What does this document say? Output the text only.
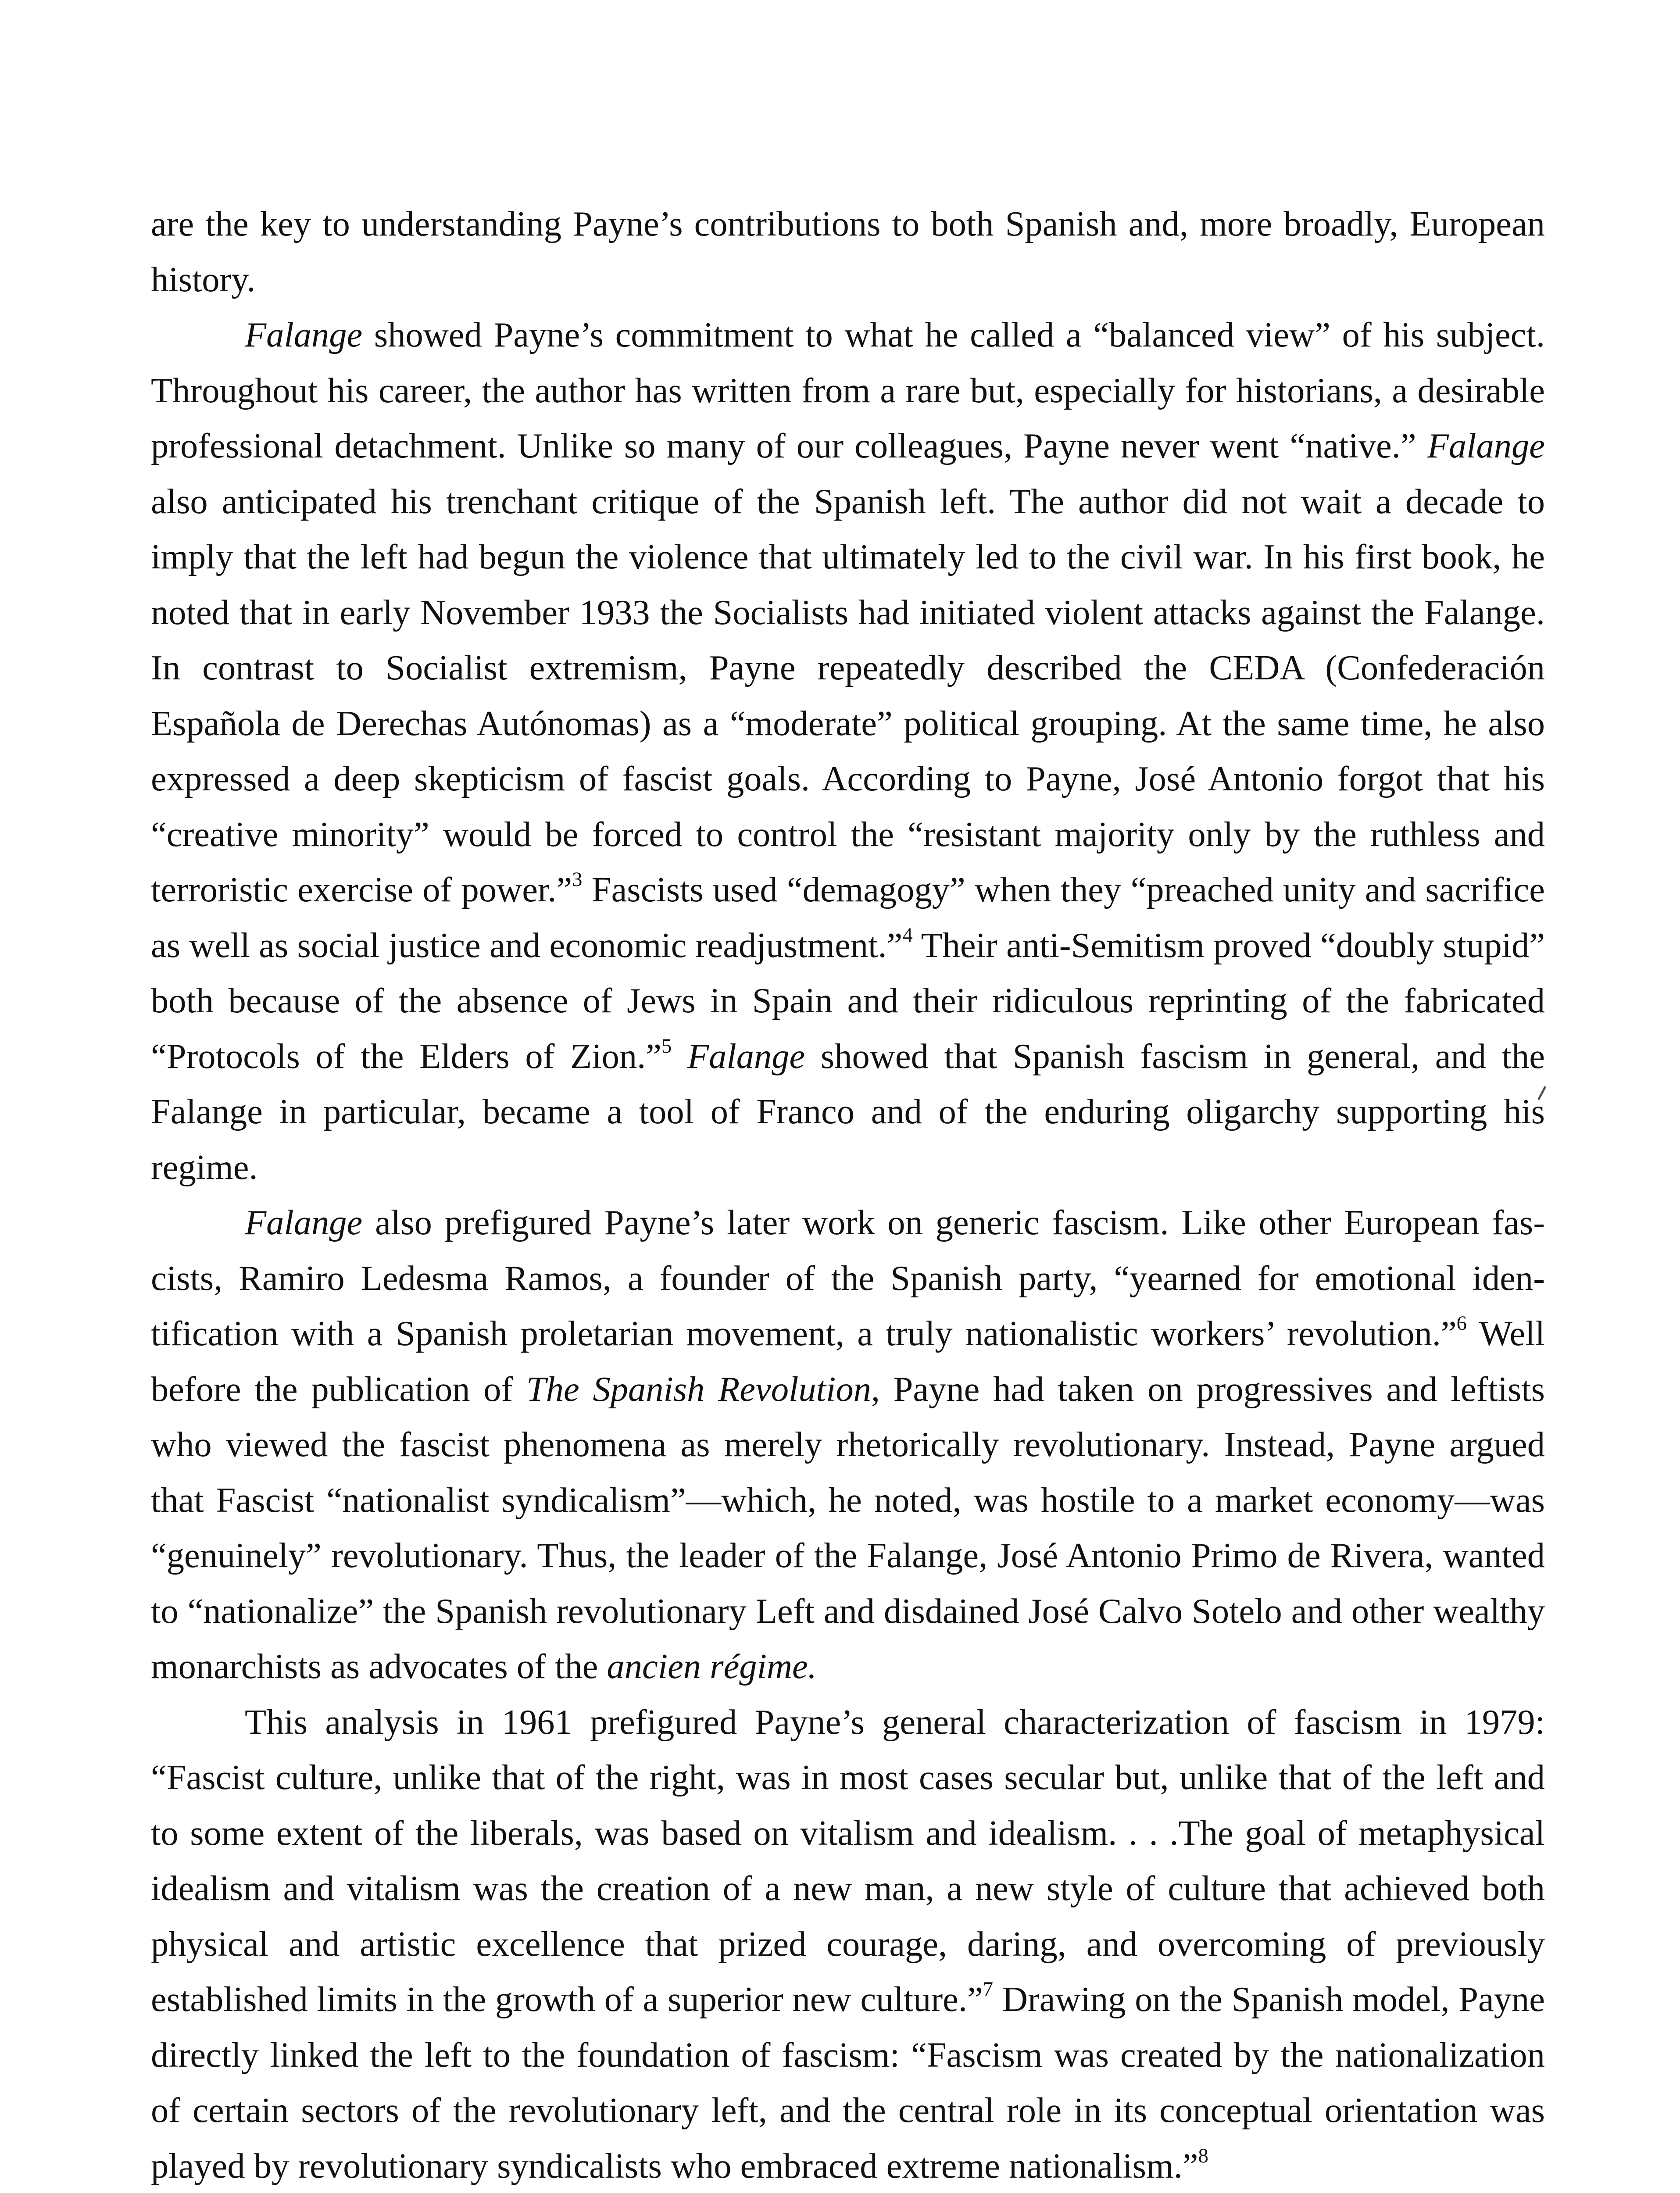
are the key to understanding Payne’s contributions to both Spanish and, more broadly, European history.

Falange showed Payne’s commitment to what he called a “balanced view” of his subject. Throughout his career, the author has written from a rare but, especially for historians, a desirable professional detachment. Unlike so many of our colleagues, Payne never went “native.” Falange also anticipated his trenchant critique of the Spanish left. The author did not wait a decade to imply that the left had begun the violence that ultimately led to the civil war. In his first book, he noted that in early November 1933 the Socialists had initiated violent attacks against the Falange. In contrast to Socialist extremism, Payne repeatedly described the CEDA (Confederación Española de Derechas Autónomas) as a “moderate” political grouping. At the same time, he also expressed a deep skepticism of fascist goals. According to Payne, José Antonio forgot that his “creative minority” would be forced to control the “resistant majority only by the ruthless and terroristic exercise of power.”$^3$ Fascists used “demagogy” when they “preached unity and sacrifice as well as social justice and economic readjustment.”$^4$ Their anti-Semitism proved “doubly stupid” both because of the absence of Jews in Spain and their ridiculous reprinting of the fabricated “Protocols of the Elders of Zion.”$^5$ Falange showed that Spanish fascism in general, and the Falange in particular, became a tool of Franco and of the enduring oligarchy supporting his regime.

Falange also prefigured Payne’s later work on generic fascism. Like other European fascists, Ramiro Ledesma Ramos, a founder of the Spanish party, “yearned for emotional identification with a Spanish proletarian movement, a truly nationalistic workers’ revolution.”$^6$ Well before the publication of The Spanish Revolution, Payne had taken on progressives and leftists who viewed the fascist phenomena as merely rhetorically revolutionary. Instead, Payne argued that Fascist “nationalist syndicalism”—which, he noted, was hostile to a market economy—was “genuinely” revolutionary. Thus, the leader of the Falange, José Antonio Primo de Rivera, wanted to “nationalize” the Spanish revolutionary Left and disdained José Calvo Sotelo and other wealthy monarchists as advocates of the ancien régime.

This analysis in 1961 prefigured Payne’s general characterization of fascism in 1979: “Fascist culture, unlike that of the right, was in most cases secular but, unlike that of the left and to some extent of the liberals, was based on vitalism and idealism. . . .The goal of metaphysical idealism and vitalism was the creation of a new man, a new style of culture that achieved both physical and artistic excellence that prized courage, daring, and overcoming of previously established limits in the growth of a superior new culture.”$^7$ Drawing on the Spanish model, Payne directly linked the left to the foundation of fascism: “Fascism was created by the nationalization of certain sectors of the revolutionary left, and the central role in its conceptual orientation was played by revolutionary syndicalists who embraced extreme nationalism.”$^8$
